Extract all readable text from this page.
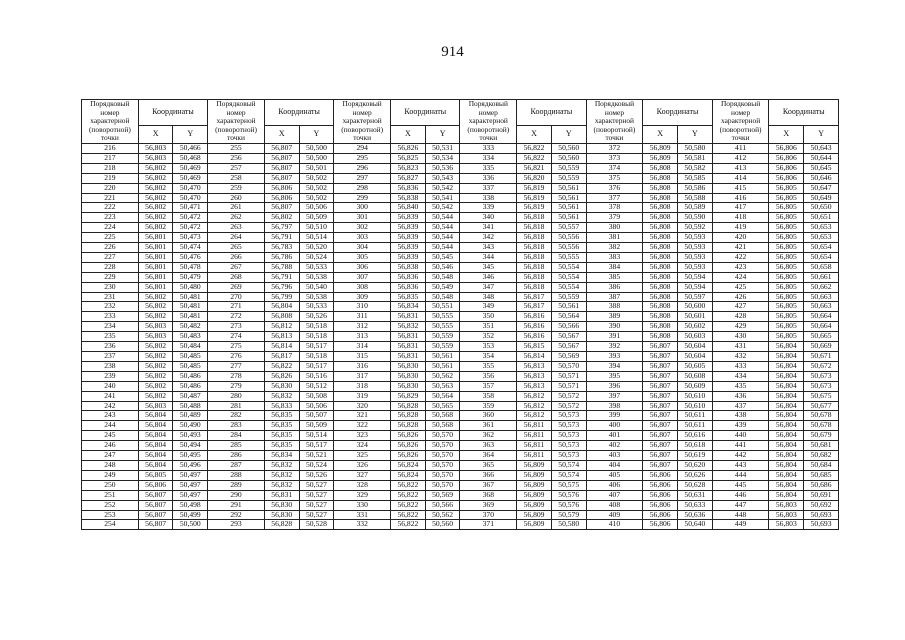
914
Порядковый номер характерной (поворотной) точки	Координаты		Порядковый номер характерной (поворотной) точки	Координаты		Порядковый номер характерной (поворотной) точки	Координаты		Порядковый номер характерной (поворотной) точки	Координаты		Порядковый номер характерной (поворотной) точки	Координаты		Порядковый номер характерной (поворотной) точки	Координаты	
	X	Y		X	Y		X	Y		X	Y		X	Y		X	Y
216	56,803	50,466	255	56,807	50,500	294	56,826	50,531	333	56,822	50,560	372	56,809	50,580	411	56,806	50,643
217	56,803	50,468	256	56,807	50,500	295	56,825	50,534	334	56,822	50,560	373	56,809	50,581	412	56,806	50,644
218	56,802	50,469	257	56,807	50,501	296	56,823	50,536	335	56,821	50,559	374	56,808	50,582	413	56,806	50,645
219	56,802	50,469	258	56,807	50,502	297	56,827	50,543	336	56,820	50,559	375	56,808	50,585	414	56,806	50,646
220	56,802	50,470	259	56,806	50,502	298	56,836	50,542	337	56,819	50,561	376	56,808	50,586	415	56,805	50,647
221	56,802	50,470	260	56,806	50,502	299	56,838	50,541	338	56,819	50,561	377	56,808	50,588	416	56,805	50,649
222	56,802	50,471	261	56,807	50,506	300	56,840	50,542	339	56,819	50,561	378	56,808	50,589	417	56,805	50,650
223	56,802	50,472	262	56,802	50,509	301	56,839	50,544	340	56,818	50,561	379	56,808	50,590	418	56,805	50,651
224	56,802	50,472	263	56,797	50,510	302	56,839	50,544	341	56,818	50,557	380	56,808	50,592	419	56,805	50,653
225	56,801	50,473	264	56,791	50,514	303	56,839	50,544	342	56,818	50,556	381	56,808	50,593	420	56,805	50,653
226	56,801	50,474	265	56,783	50,520	304	56,839	50,544	343	56,818	50,556	382	56,808	50,593	421	56,805	50,654
227	56,801	50,476	266	56,786	50,524	305	56,839	50,545	344	56,818	50,555	383	56,808	50,593	422	56,805	50,654
228	56,801	50,478	267	56,788	50,533	306	56,838	50,546	345	56,818	50,554	384	56,808	50,593	423	56,805	50,658
229	56,801	50,479	268	56,791	50,538	307	56,836	50,548	346	56,818	50,554	385	56,808	50,594	424	56,805	50,661
230	56,801	50,480	269	56,796	50,540	308	56,836	50,549	347	56,818	50,554	386	56,808	50,594	425	56,805	50,662
231	56,802	50,481	270	56,799	50,538	309	56,835	50,548	348	56,817	50,559	387	56,808	50,597	426	56,805	50,663
232	56,802	50,481	271	56,804	50,533	310	56,834	50,551	349	56,817	50,561	388	56,808	50,600	427	56,805	50,663
233	56,802	50,481	272	56,808	50,526	311	56,831	50,555	350	56,816	50,564	389	56,808	50,601	428	56,805	50,664
234	56,803	50,482	273	56,812	50,518	312	56,832	50,555	351	56,816	50,566	390	56,808	50,602	429	56,805	50,664
235	56,803	50,483	274	56,813	50,518	313	56,831	50,559	352	56,816	50,567	391	56,808	50,603	430	56,805	50,665
236	56,802	50,484	275	56,814	50,517	314	56,831	50,559	353	56,815	50,567	392	56,807	50,604	431	56,804	50,669
237	56,802	50,485	276	56,817	50,518	315	56,831	50,561	354	56,814	50,569	393	56,807	50,604	432	56,804	50,671
238	56,802	50,485	277	56,822	50,517	316	56,830	50,561	355	56,813	50,570	394	56,807	50,605	433	56,804	50,672
239	56,802	50,486	278	56,826	50,516	317	56,830	50,562	356	56,813	50,571	395	56,807	50,608	434	56,804	50,673
240	56,802	50,486	279	56,830	50,512	318	56,830	50,563	357	56,813	50,571	396	56,807	50,609	435	56,804	50,673
241	56,802	50,487	280	56,832	50,508	319	56,829	50,564	358	56,812	50,572	397	56,807	50,610	436	56,804	50,675
242	56,803	50,488	281	56,833	50,506	320	56,828	50,565	359	56,812	50,572	398	56,807	50,610	437	56,804	50,677
243	56,804	50,489	282	56,835	50,507	321	56,828	50,568	360	56,812	50,573	399	56,807	50,611	438	56,804	50,678
244	56,804	50,490	283	56,835	50,509	322	56,828	50,568	361	56,811	50,573	400	56,807	50,611	439	56,804	50,678
245	56,804	50,493	284	56,835	50,514	323	56,826	50,570	362	56,811	50,573	401	56,807	50,616	440	56,804	50,679
246	56,804	50,494	285	56,835	50,517	324	56,826	50,570	363	56,811	50,573	402	56,807	50,618	441	56,804	50,681
247	56,804	50,495	286	56,834	50,521	325	56,826	50,570	364	56,811	50,573	403	56,807	50,619	442	56,804	50,682
248	56,804	50,496	287	56,832	50,524	326	56,824	50,570	365	56,809	50,574	404	56,807	50,620	443	56,804	50,684
249	56,805	50,497	288	56,832	50,526	327	56,824	50,570	366	56,809	50,574	405	56,806	50,626	444	56,804	50,685
250	56,806	50,497	289	56,832	50,527	328	56,822	50,570	367	56,809	50,575	406	56,806	50,628	445	56,804	50,686
251	56,807	50,497	290	56,831	50,527	329	56,822	50,569	368	56,809	50,576	407	56,806	50,631	446	56,804	50,691
252	56,807	50,498	291	56,830	50,527	330	56,822	50,566	369	56,809	50,576	408	56,806	50,633	447	56,803	50,692
253	56,807	50,499	292	56,830	50,527	331	56,822	50,562	370	56,809	50,579	409	56,806	50,636	448	56,803	50,693
254	56,807	50,500	293	56,828	50,528	332	56,822	50,560	371	56,809	50,580	410	56,806	50,640	449	56,803	50,693
